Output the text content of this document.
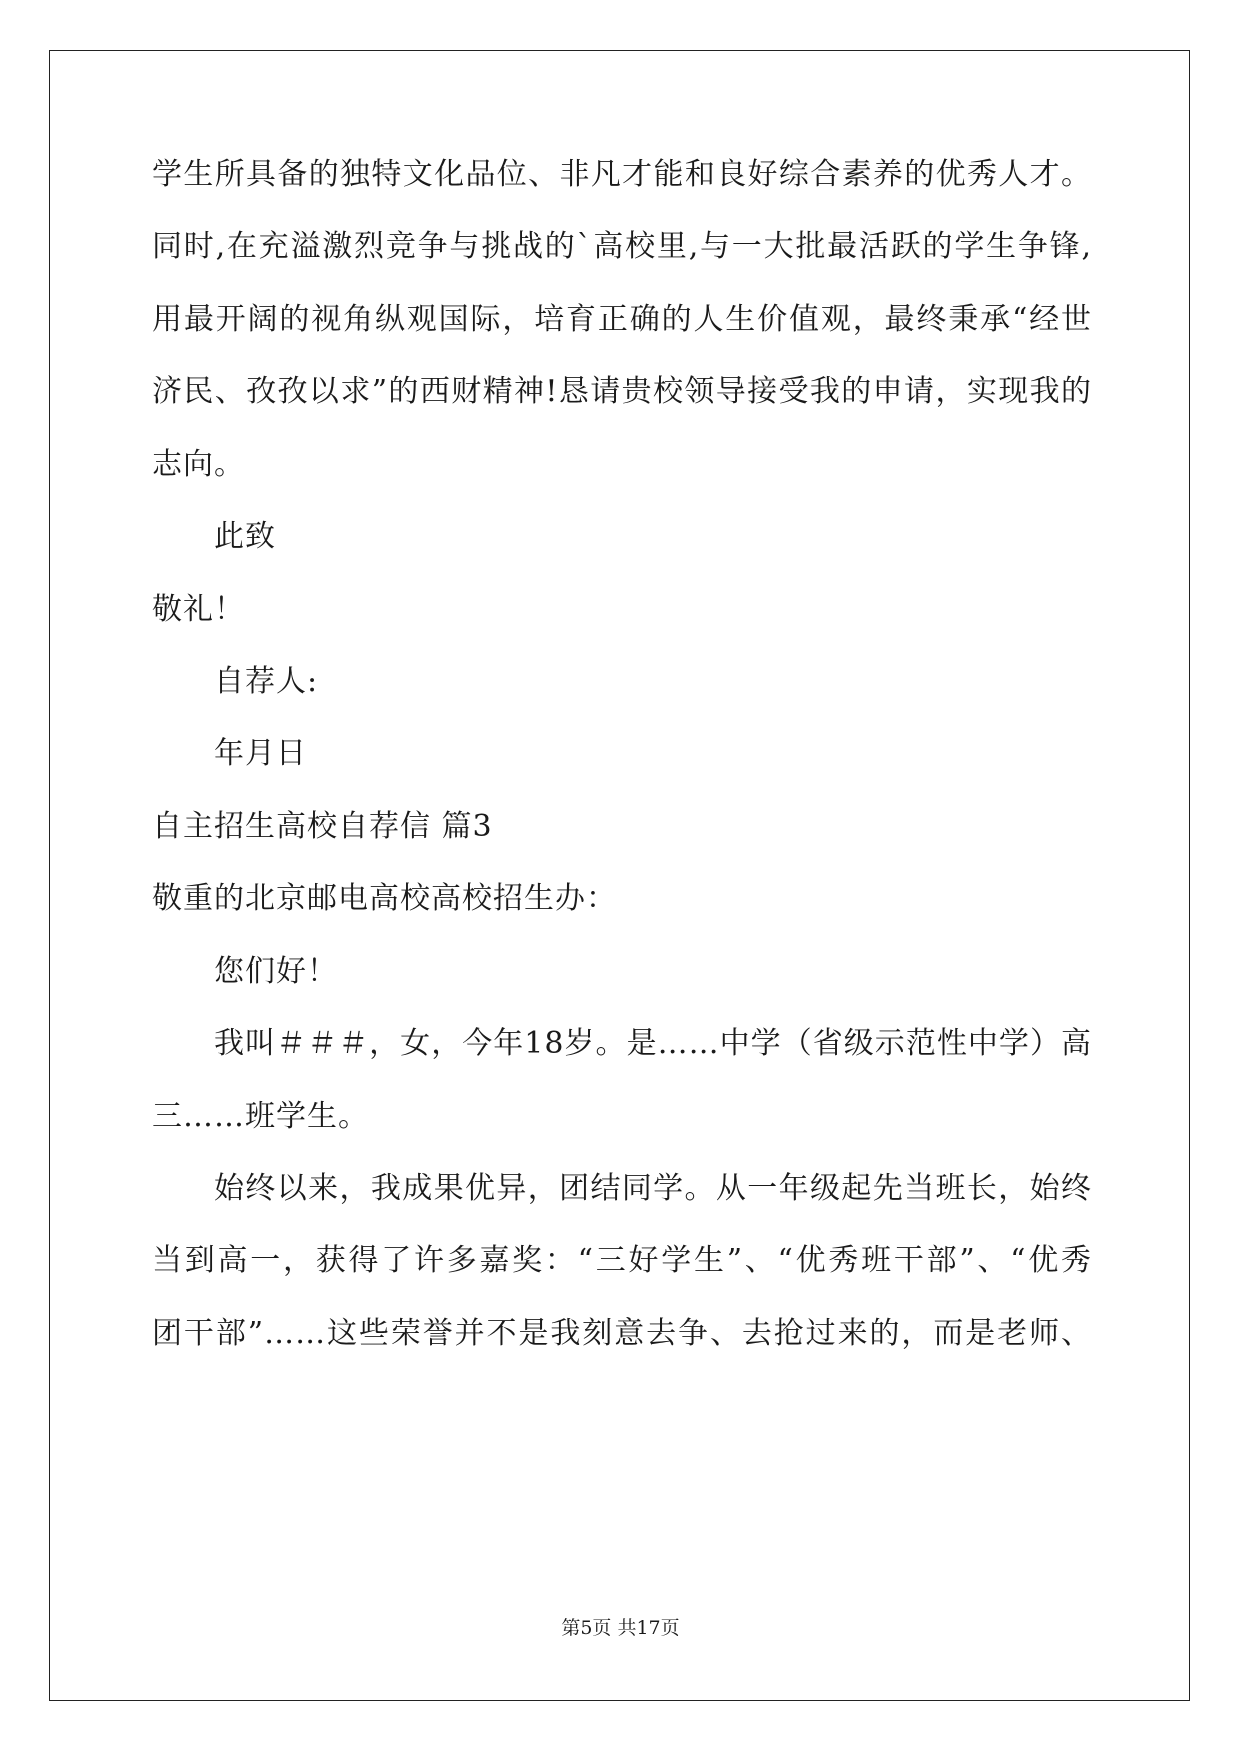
学生所具备的独特文化品位、非凡才能和良好综合素养的优秀人才。
同时,在充溢激烈竞争与挑战的`高校里,与一大批最活跃的学生争锋,
用最开阔的视角纵观国际，培育正确的人生价值观，最终秉承“经世
济民、孜孜以求”的西财精神!恳请贵校领导接受我的申请，实现我的
志向。
此致
敬礼！
自荐人:
年月日
自主招生高校自荐信 篇3
敬重的北京邮电高校高校招生办：
您们好！
我叫＃＃＃，女，今年18岁。是……中学（省级示范性中学）高
三……班学生。
始终以来，我成果优异，团结同学。从一年级起先当班长，始终
当到高一，获得了许多嘉奖：“三好学生”、“优秀班干部”、“优秀
团干部”……这些荣誉并不是我刻意去争、去抢过来的，而是老师、
第5页 共17页
